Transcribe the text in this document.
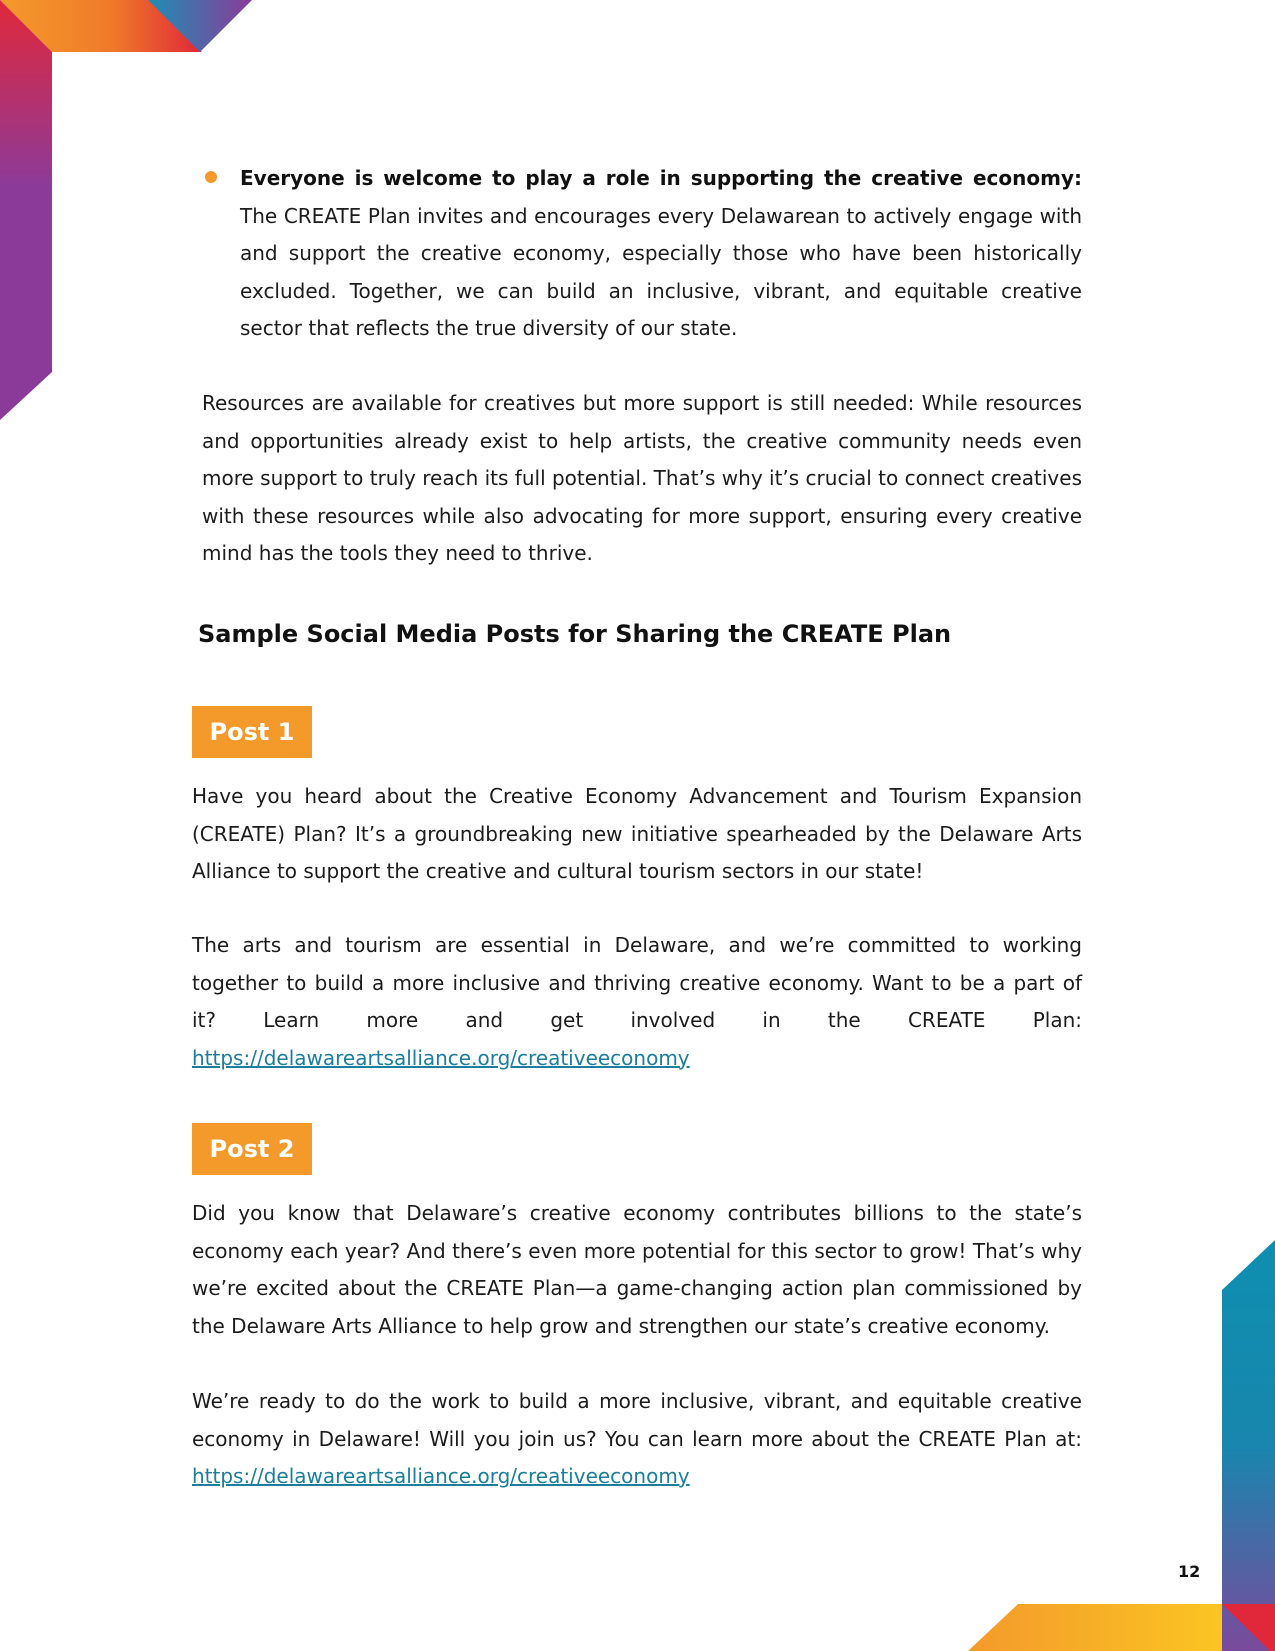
Everyone is welcome to play a role in supporting the creative economy: The CREATE Plan invites and encourages every Delawarean to actively engage with and support the creative economy, especially those who have been historically excluded. Together, we can build an inclusive, vibrant, and equitable creative sector that reflects the true diversity of our state.

Resources are available for creatives but more support is still needed: While resources and opportunities already exist to help artists, the creative community needs even more support to truly reach its full potential. That’s why it’s crucial to connect creatives with these resources while also advocating for more support, ensuring every creative mind has the tools they need to thrive.

Sample Social Media Posts for Sharing the CREATE Plan
Post 1

Have you heard about the Creative Economy Advancement and Tourism Expansion (CREATE) Plan? It’s a groundbreaking new initiative spearheaded by the Delaware Arts Alliance to support the creative and cultural tourism sectors in our state!

The arts and tourism are essential in Delaware, and we’re committed to working together to build a more inclusive and thriving creative economy. Want to be a part of it? Learn more and get involved in the CREATE Plan: https://delawareartsalliance.org/creativeeconomy

Post 2

Did you know that Delaware’s creative economy contributes billions to the state’s economy each year? And there’s even more potential for this sector to grow! That’s why we’re excited about the CREATE Plan—a game-changing action plan commissioned by the Delaware Arts Alliance to help grow and strengthen our state’s creative economy.

We’re ready to do the work to build a more inclusive, vibrant, and equitable creative economy in Delaware! Will you join us? You can learn more about the CREATE Plan at: https://delawareartsalliance.org/creativeeconomy

12
